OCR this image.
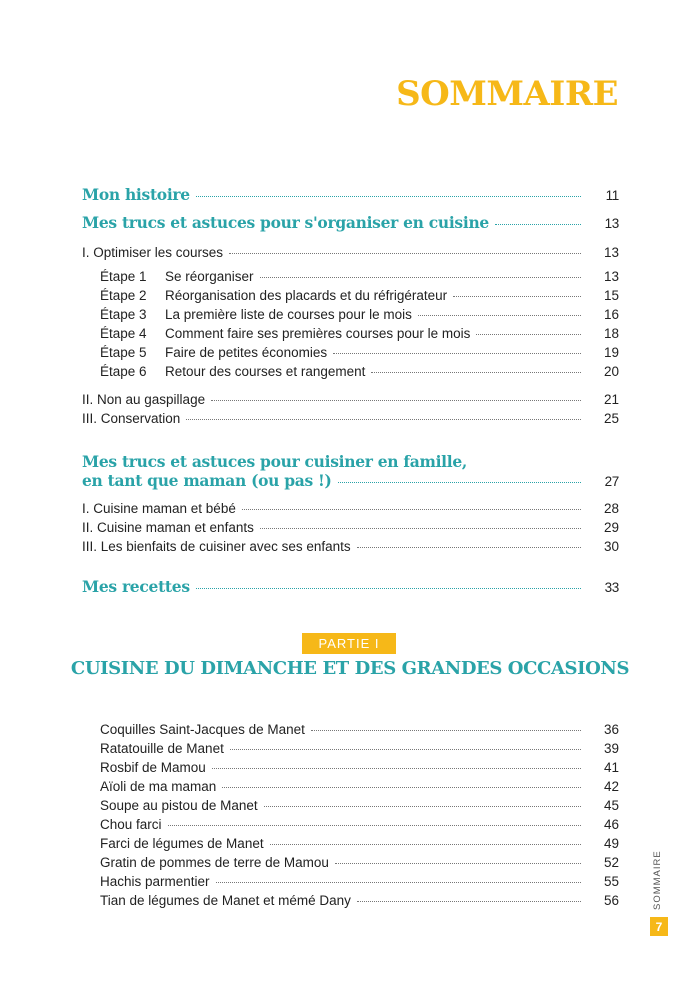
SOMMAIRE
Mon histoire	11
Mes trucs et astuces pour s'organiser en cuisine	13
I. Optimiser les courses	13
Étape 1 Se réorganiser	13
Étape 2 Réorganisation des placards et du réfrigérateur	15
Étape 3 La première liste de courses pour le mois	16
Étape 4 Comment faire ses premières courses pour le mois	18
Étape 5 Faire de petites économies	19
Étape 6 Retour des courses et rangement	20
II. Non au gaspillage	21
III. Conservation	25
Mes trucs et astuces pour cuisiner en famille,
en tant que maman (ou pas !)	27
I. Cuisine maman et bébé	28
II. Cuisine maman et enfants	29
III. Les bienfaits de cuisiner avec ses enfants	30
Mes recettes	33
PARTIE I
CUISINE DU DIMANCHE ET DES GRANDES OCCASIONS
Coquilles Saint-Jacques de Manet	36
Ratatouille de Manet	39
Rosbif de Mamou	41
Aïoli de ma maman	42
Soupe au pistou de Manet	45
Chou farci	46
Farci de légumes de Manet	49
Gratin de pommes de terre de Mamou	52
Hachis parmentier	55
Tian de légumes de Manet et mémé Dany	56	SOMMAIRE
7
